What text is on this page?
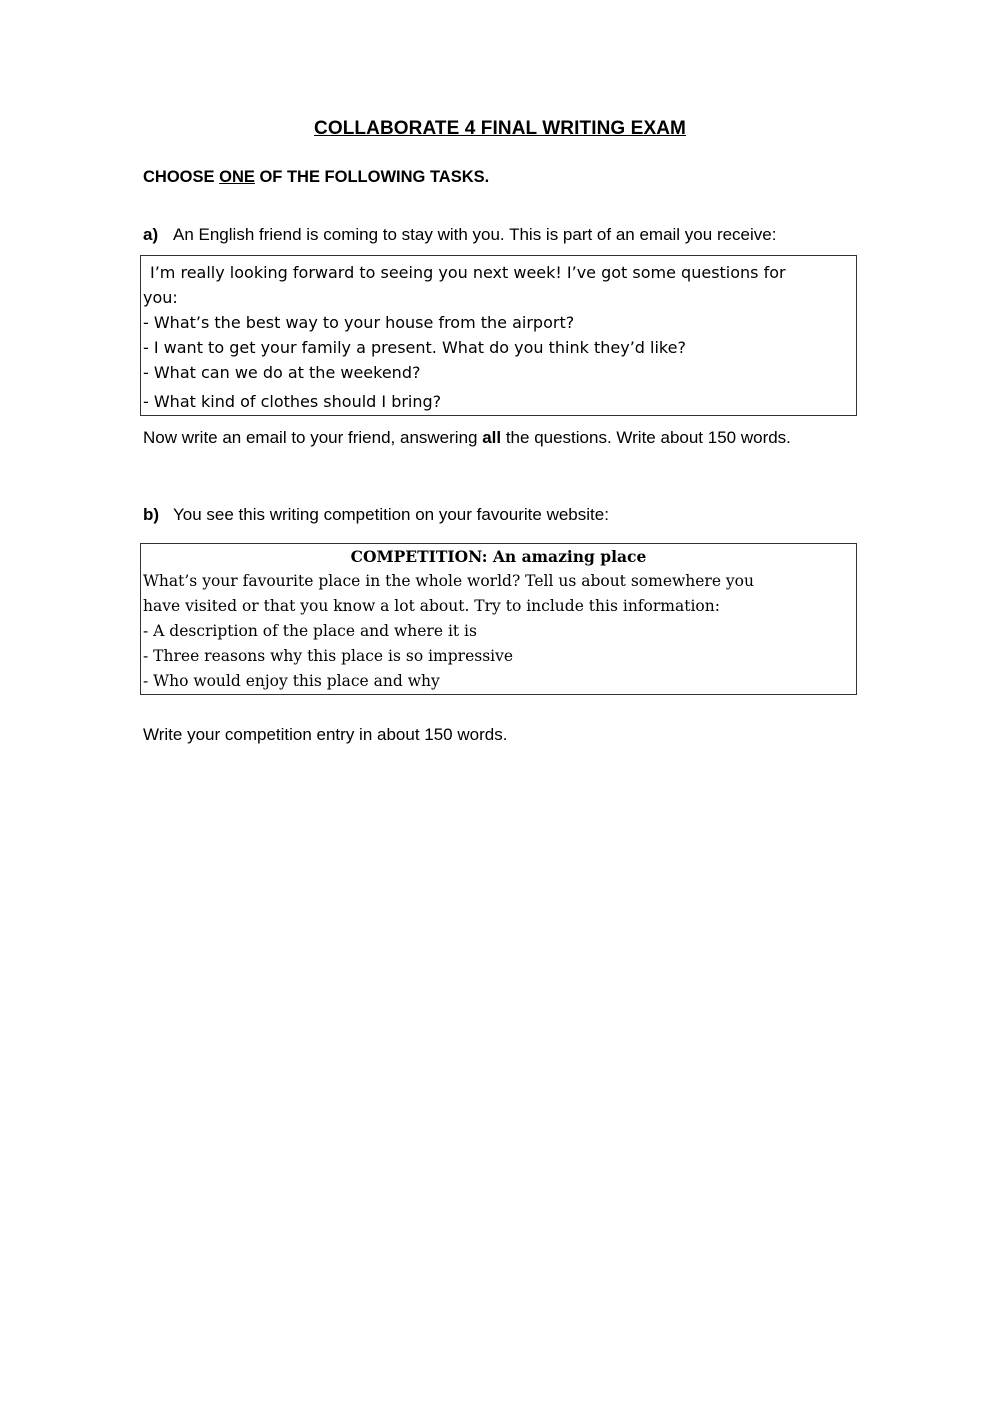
COLLABORATE 4 FINAL WRITING EXAM
CHOOSE ONE OF THE FOLLOWING TASKS.
a) An English friend is coming to stay with you. This is part of an email you receive:
I’m really looking forward to seeing you next week! I’ve got some questions for
you:
- What’s the best way to your house from the airport?
- I want to get your family a present. What do you think they’d like?
- What can we do at the weekend?
- What kind of clothes should I bring?
Now write an email to your friend, answering all the questions. Write about 150 words.
b) You see this writing competition on your favourite website:
COMPETITION: An amazing place
What’s your favourite place in the whole world? Tell us about somewhere you
have visited or that you know a lot about. Try to include this information:
- A description of the place and where it is
- Three reasons why this place is so impressive
- Who would enjoy this place and why
Write your competition entry in about 150 words.
